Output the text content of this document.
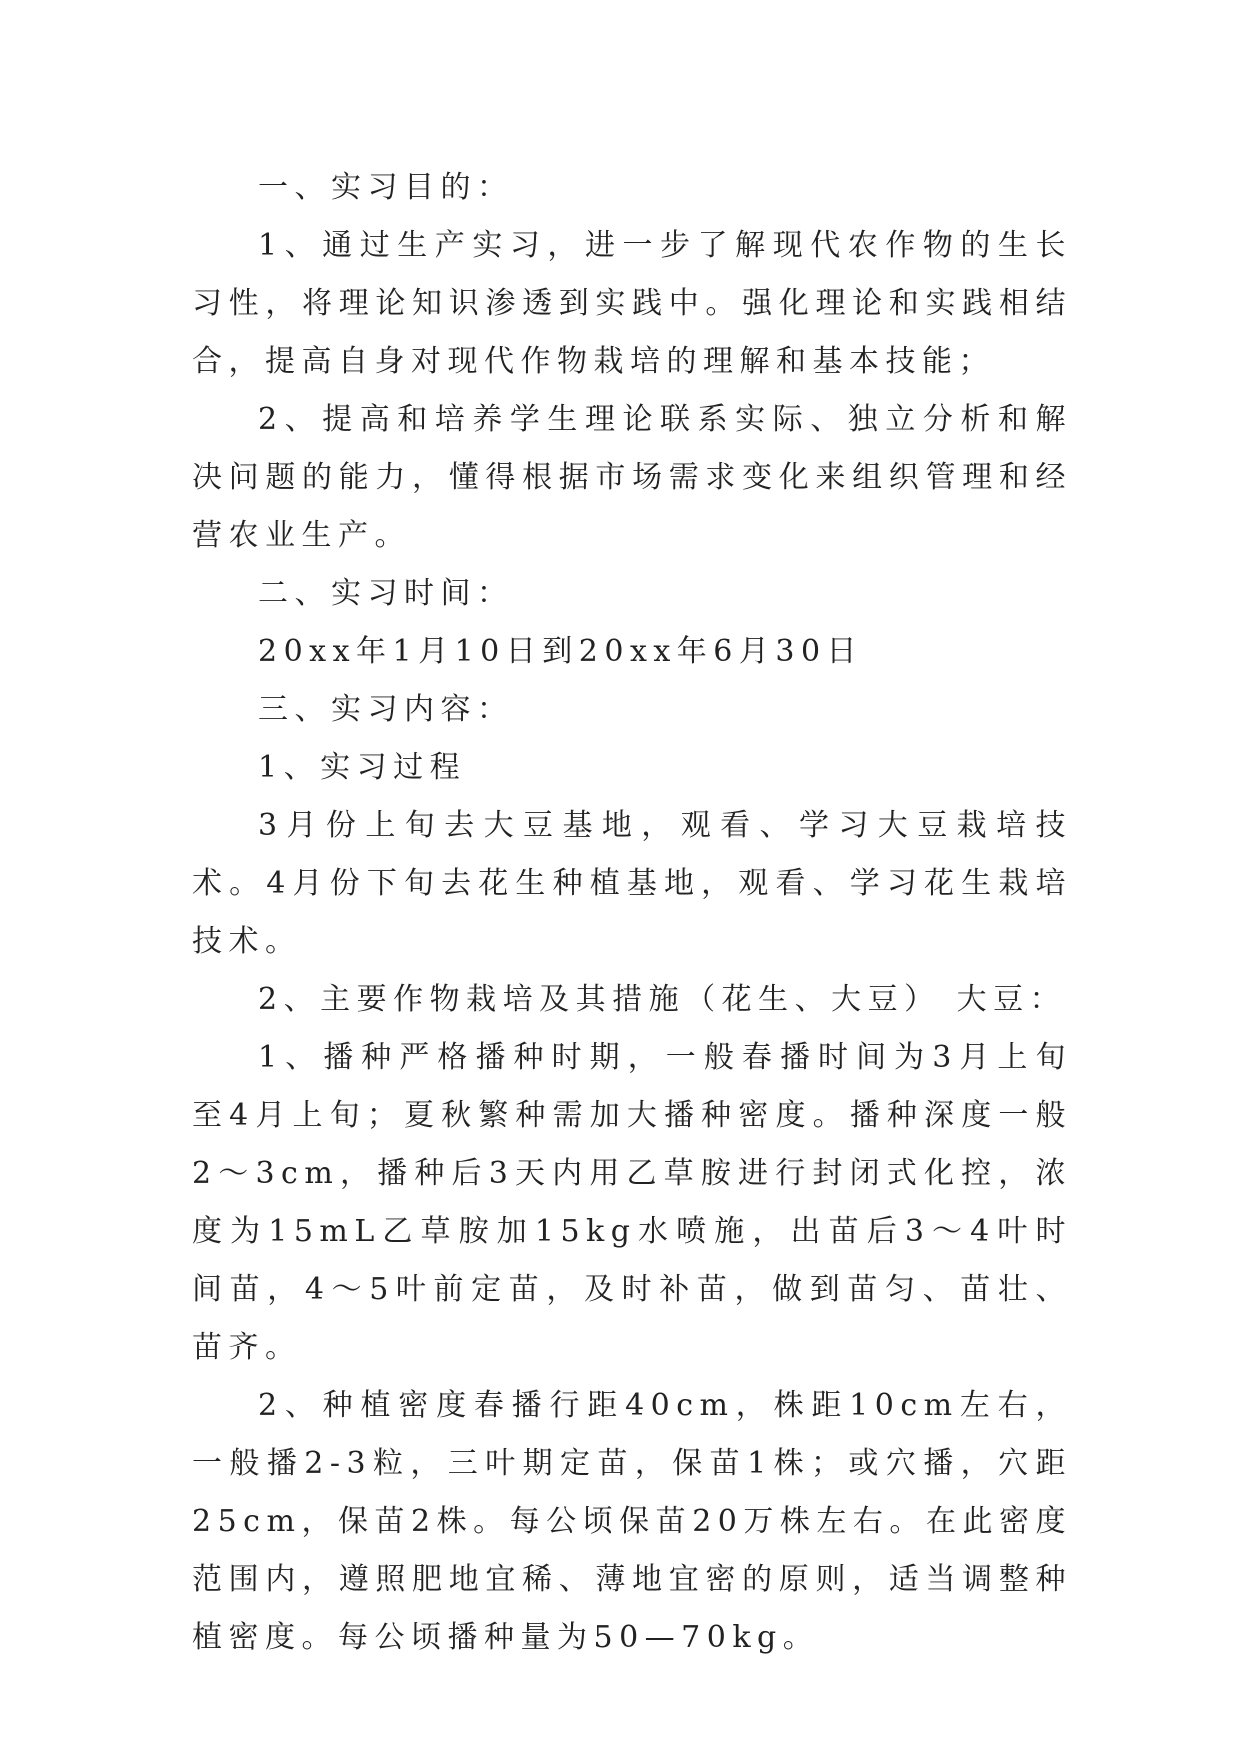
一、实习目的：

1、通过生产实习，进一步了解现代农作物的生长习性，将理论知识渗透到实践中。强化理论和实践相结合，提高自身对现代作物栽培的理解和基本技能；

2、提高和培养学生理论联系实际、独立分析和解决问题的能力，懂得根据市场需求变化来组织管理和经营农业生产。

二、实习时间：

20xx年1月10日到20xx年6月30日

三、实习内容：

1、实习过程

3月份上旬去大豆基地，观看、学习大豆栽培技术。4月份下旬去花生种植基地，观看、学习花生栽培技术。

2、主要作物栽培及其措施（花生、大豆） 大豆：

1、播种严格播种时期，一般春播时间为3月上旬至4月上旬；夏秋繁种需加大播种密度。播种深度一般2～3cm，播种后3天内用乙草胺进行封闭式化控，浓度为15mL乙草胺加15kg水喷施，出苗后3～4叶时间苗，4～5叶前定苗，及时补苗，做到苗匀、苗壮、苗齐。

2、种植密度春播行距40cm，株距10cm左右，一般播2-3粒，三叶期定苗，保苗1株；或穴播，穴距25cm，保苗2株。每公顷保苗20万株左右。在此密度范围内，遵照肥地宜稀、薄地宜密的原则，适当调整种植密度。每公顷播种量为50—70kg。
